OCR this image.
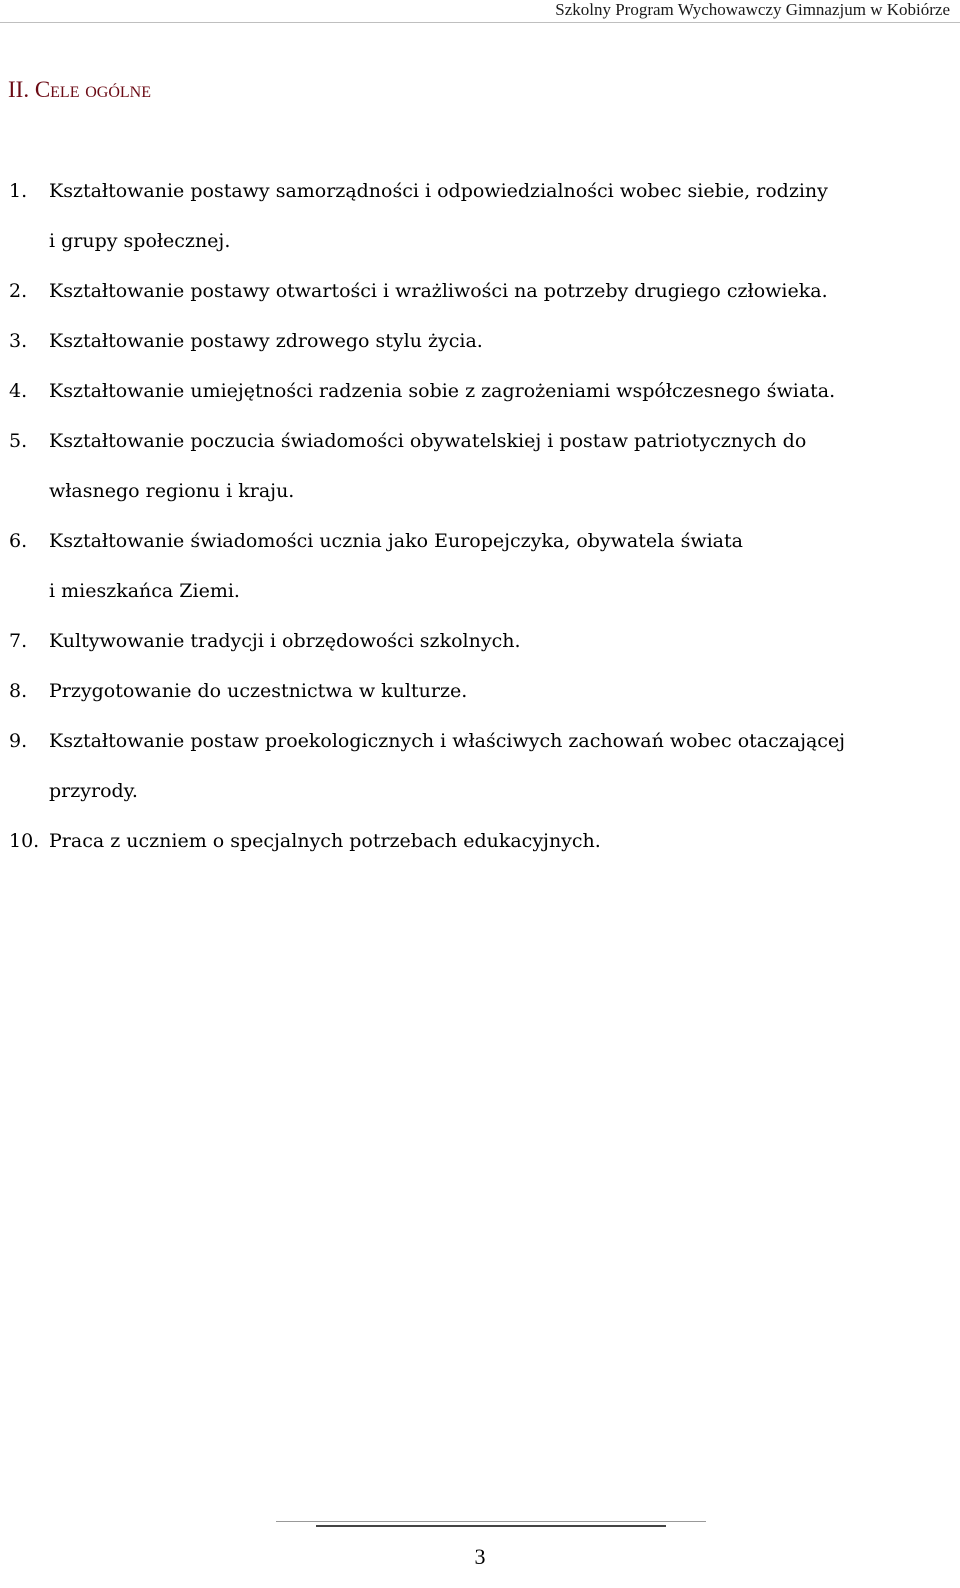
Szkolny Program Wychowawczy Gimnazjum w Kobiórze
II. Cele ogólne
1. Kształtowanie postawy samorządności i odpowiedzialności wobec siebie, rodziny
i grupy społecznej.
2. Kształtowanie postawy otwartości i wrażliwości na potrzeby drugiego człowieka.
3. Kształtowanie postawy zdrowego stylu życia.
4. Kształtowanie umiejętności radzenia sobie z zagrożeniami współczesnego świata.
5. Kształtowanie poczucia świadomości obywatelskiej i postaw patriotycznych do
własnego regionu i kraju.
6. Kształtowanie świadomości ucznia jako Europejczyka, obywatela świata
i mieszkańca Ziemi.
7. Kultywowanie tradycji i obrzędowości szkolnych.
8. Przygotowanie do uczestnictwa w kulturze.
9. Kształtowanie postaw proekologicznych i właściwych zachowań wobec otaczającej
przyrody.
10. Praca z uczniem o specjalnych potrzebach edukacyjnych.
3
